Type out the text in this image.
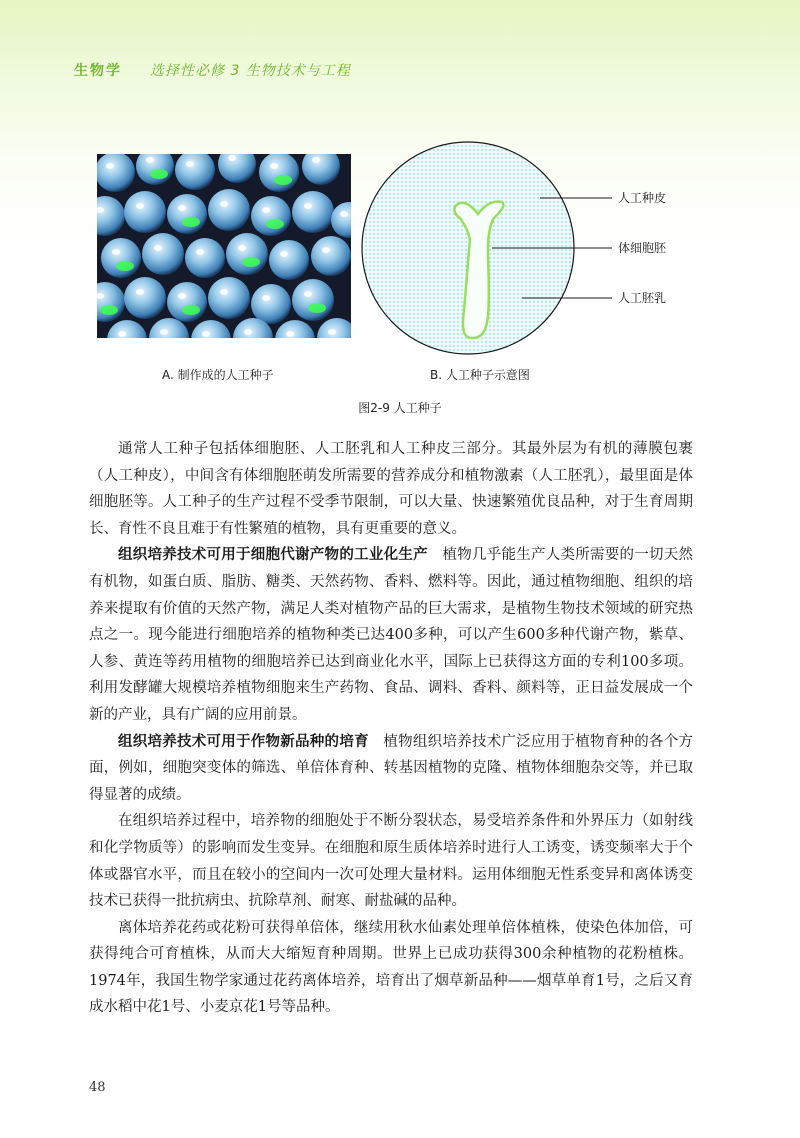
生物学 选择性必修 3 生物技术与工程
人工种皮
体细胞胚
人工胚乳
A. 制作成的人工种子	B. 人工种子示意图
图2-9 人工种子

通常人工种子包括体细胞胚、人工胚乳和人工种皮三部分。其最外层为有机的薄膜包裹（人工种皮），中间含有体细胞胚萌发所需要的营养成分和植物激素（人工胚乳），最里面是体细胞胚等。人工种子的生产过程不受季节限制，可以大量、快速繁殖优良品种，对于生育周期长、育性不良且难于有性繁殖的植物，具有更重要的意义。

组织培养技术可用于细胞代谢产物的工业化生产 植物几乎能生产人类所需要的一切天然有机物，如蛋白质、脂肪、糖类、天然药物、香料、燃料等。因此，通过植物细胞、组织的培养来提取有价值的天然产物，满足人类对植物产品的巨大需求，是植物生物技术领域的研究热点之一。现今能进行细胞培养的植物种类已达400多种，可以产生600多种代谢产物，紫草、人参、黄连等药用植物的细胞培养已达到商业化水平，国际上已获得这方面的专利100多项。利用发酵罐大规模培养植物细胞来生产药物、食品、调料、香料、颜料等，正日益发展成一个新的产业，具有广阔的应用前景。

组织培养技术可用于作物新品种的培育 植物组织培养技术广泛应用于植物育种的各个方面，例如，细胞突变体的筛选、单倍体育种、转基因植物的克隆、植物体细胞杂交等，并已取得显著的成绩。

在组织培养过程中，培养物的细胞处于不断分裂状态，易受培养条件和外界压力（如射线和化学物质等）的影响而发生变异。在细胞和原生质体培养时进行人工诱变，诱变频率大于个体或器官水平，而且在较小的空间内一次可处理大量材料。运用体细胞无性系变异和离体诱变技术已获得一批抗病虫、抗除草剂、耐寒、耐盐碱的品种。

离体培养花药或花粉可获得单倍体，继续用秋水仙素处理单倍体植株，使染色体加倍，可获得纯合可育植株，从而大大缩短育种周期。世界上已成功获得300余种植物的花粉植株。1974年，我国生物学家通过花药离体培养，培育出了烟草新品种——烟草单育1号，之后又育成水稻中花1号、小麦京花1号等品种。

48
